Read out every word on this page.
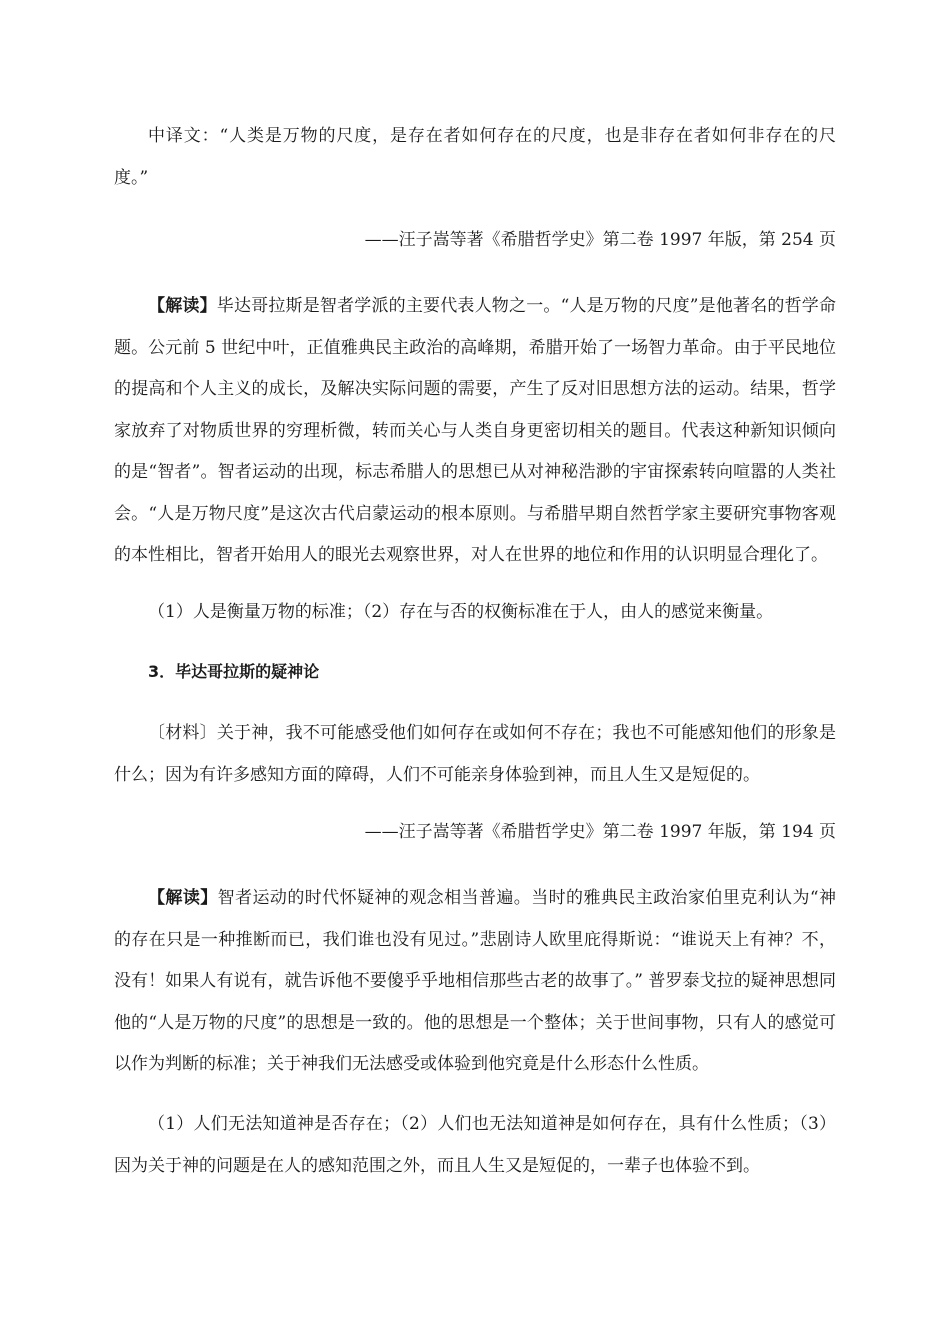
中译文：“人类是万物的尺度，是存在者如何存在的尺度，也是非存在者如何非存在的尺度。”

——汪子嵩等著《希腊哲学史》第二卷 1997 年版，第 254 页

【解读】毕达哥拉斯是智者学派的主要代表人物之一。“人是万物的尺度”是他著名的哲学命题。公元前 5 世纪中叶，正值雅典民主政治的高峰期，希腊开始了一场智力革命。由于平民地位的提高和个人主义的成长，及解决实际问题的需要，产生了反对旧思想方法的运动。结果，哲学家放弃了对物质世界的穷理析微，转而关心与人类自身更密切相关的题目。代表这种新知识倾向的是“智者”。智者运动的出现，标志希腊人的思想已从对神秘浩渺的宇宙探索转向喧嚣的人类社会。“人是万物尺度”是这次古代启蒙运动的根本原则。与希腊早期自然哲学家主要研究事物客观的本性相比，智者开始用人的眼光去观察世界，对人在世界的地位和作用的认识明显合理化了。

（1）人是衡量万物的标准；（2）存在与否的权衡标准在于人，由人的感觉来衡量。

3．毕达哥拉斯的疑神论

〔材料〕关于神，我不可能感受他们如何存在或如何不存在；我也不可能感知他们的形象是什么；因为有许多感知方面的障碍，人们不可能亲身体验到神，而且人生又是短促的。

——汪子嵩等著《希腊哲学史》第二卷 1997 年版，第 194 页

【解读】智者运动的时代怀疑神的观念相当普遍。当时的雅典民主政治家伯里克利认为“神的存在只是一种推断而已，我们谁也没有见过。”悲剧诗人欧里庇得斯说：“谁说天上有神？不，没有！如果人有说有，就告诉他不要傻乎乎地相信那些古老的故事了。” 普罗泰戈拉的疑神思想同他的“人是万物的尺度”的思想是一致的。他的思想是一个整体；关于世间事物，只有人的感觉可以作为判断的标准；关于神我们无法感受或体验到他究竟是什么形态什么性质。

（1）人们无法知道神是否存在；（2）人们也无法知道神是如何存在，具有什么性质；（3）因为关于神的问题是在人的感知范围之外，而且人生又是短促的，一辈子也体验不到。
